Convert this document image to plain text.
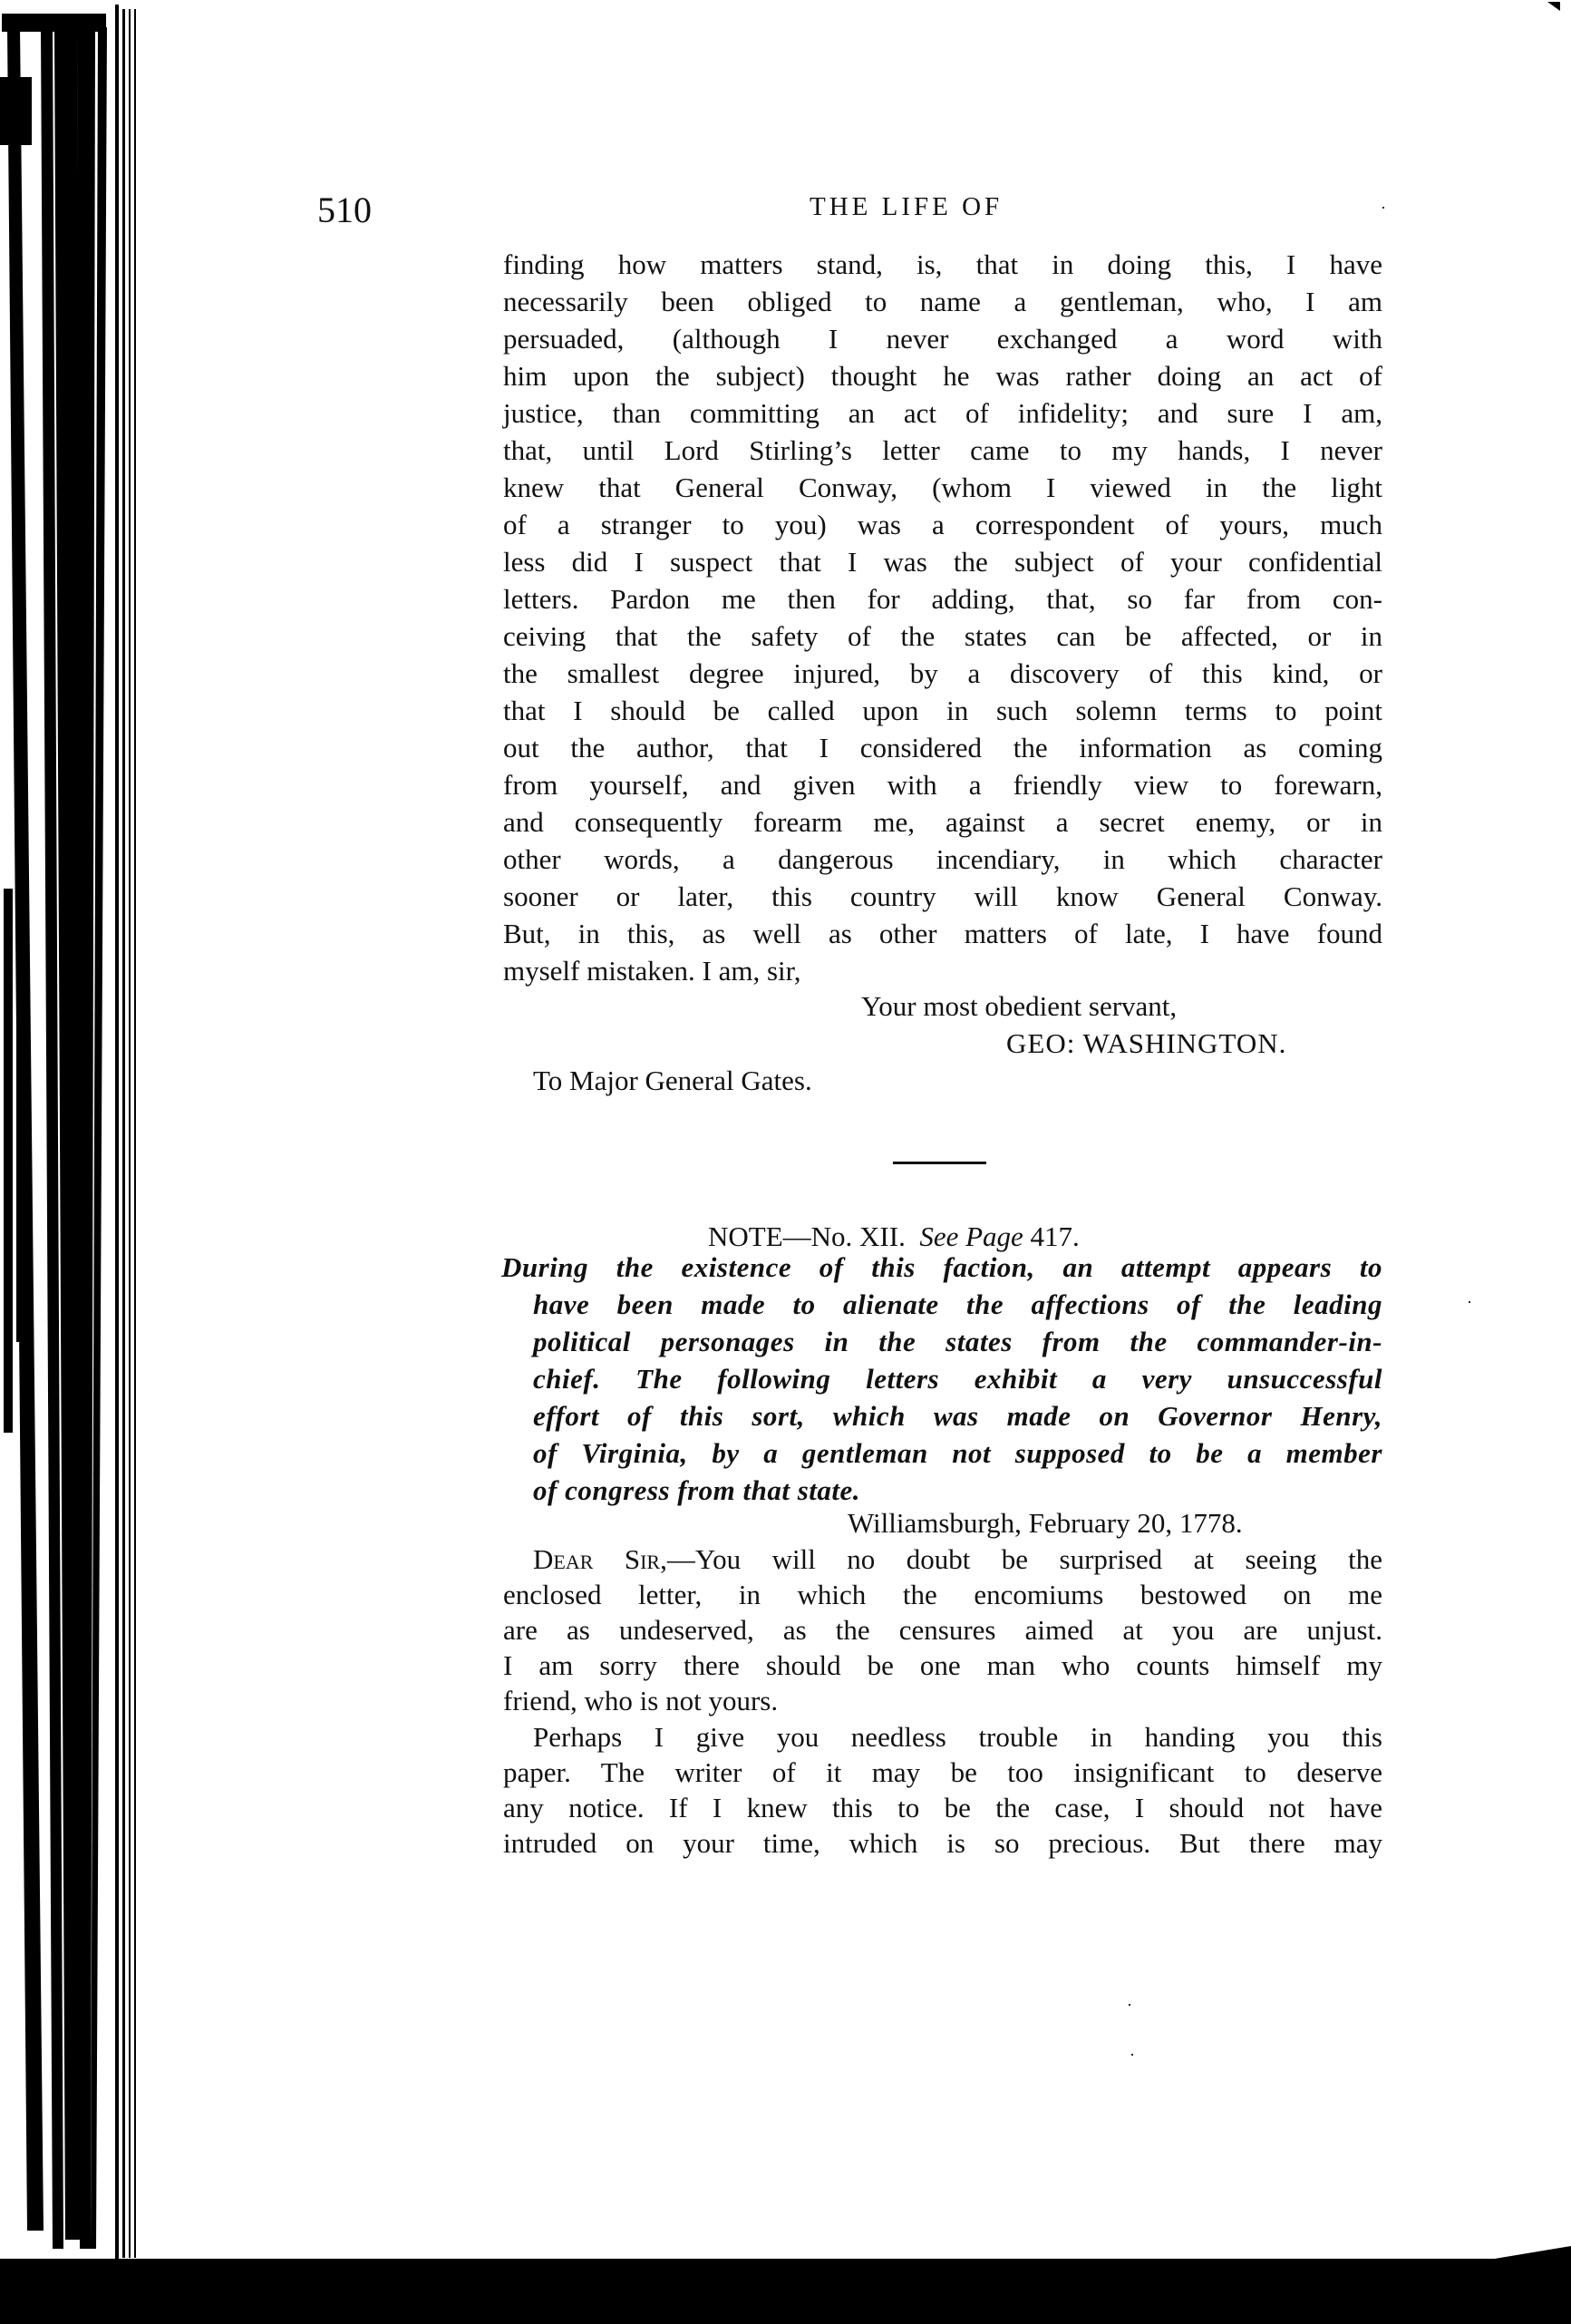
510	THE LIFE OF
finding how matters stand, is, that in doing this, I have
necessarily been obliged to name a gentleman, who, I am
persuaded, (although I never exchanged a word with
him upon the subject) thought he was rather doing an act of
justice, than committing an act of infidelity; and sure I am,
that, until Lord Stirling’s letter came to my hands, I never
knew that General Conway, (whom I viewed in the light
of a stranger to you) was a correspondent of yours, much
less did I suspect that I was the subject of your confidential
letters. Pardon me then for adding, that, so far from con-
ceiving that the safety of the states can be affected, or in
the smallest degree injured, by a discovery of this kind, or
that I should be called upon in such solemn terms to point
out the author, that I considered the information as coming
from yourself, and given with a friendly view to forewarn,
and consequently forearm me, against a secret enemy, or in
other words, a dangerous incendiary, in which character
sooner or later, this country will know General Conway.
But, in this, as well as other matters of late, I have found
myself mistaken. I am, sir,
Your most obedient servant,
GEO: WASHINGTON.
To Major General Gates.
NOTE—No. XII. See Page 417.
During the existence of this faction, an attempt appears to
have been made to alienate the affections of the leading
political personages in the states from the commander-in-
chief. The following letters exhibit a very unsuccessful
effort of this sort, which was made on Governor Henry,
of Virginia, by a gentleman not supposed to be a member
of congress from that state.
Williamsburgh, February 20, 1778.
Dear Sir,—You will no doubt be surprised at seeing the
enclosed letter, in which the encomiums bestowed on me
are as undeserved, as the censures aimed at you are unjust.
I am sorry there should be one man who counts himself my
friend, who is not yours.
Perhaps I give you needless trouble in handing you this
paper. The writer of it may be too insignificant to deserve
any notice. If I knew this to be the case, I should not have
intruded on your time, which is so precious. But there may
